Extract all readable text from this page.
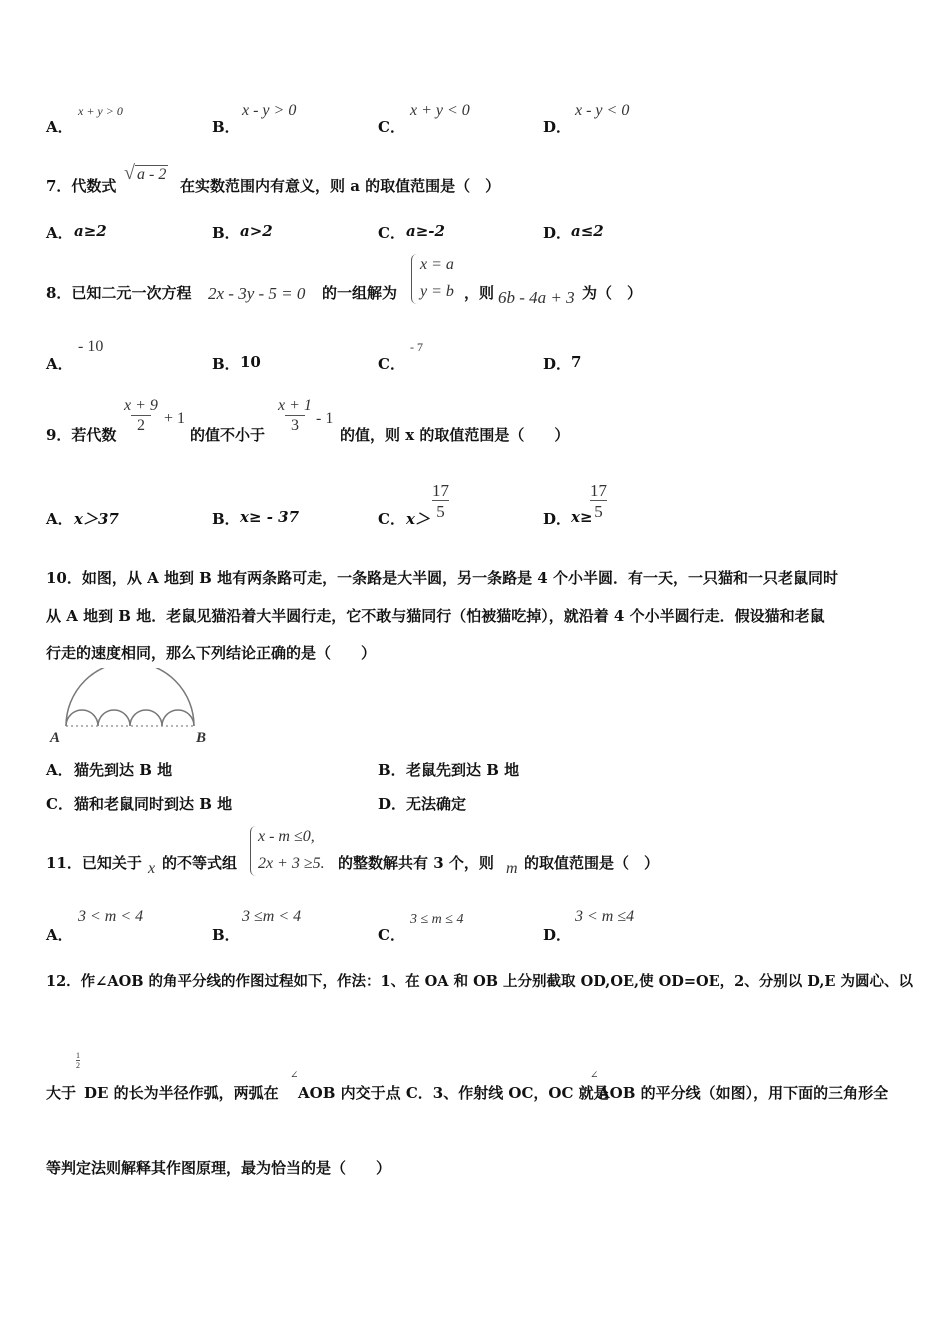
A．
x + y > 0
B．
x - y > 0
C．
x + y < 0
D．
x - y < 0
7．代数式
√ a - 2
在实数范围内有意义，则 a 的取值范围是（　）
A． a≥2	B． a>2	C． a≥-2	D． a≤2
8．已知二元一次方程 2x - 3y - 5 = 0 的一组解为
x = a
y = b ，则 6b - 4a + 3 为（　）
A．
- 10
B． 10	C．
- 7
D． 7
9．若代数
$\frac{x + 9}{2} + 1$
的值不小于
$\frac{x + 1}{3} - 1$
的值，则 x 的取值范围是（　　）
A． x＞37	B． x≥ - 37	C． $x> \frac{17}{5}$	D． x≥
$\frac{17}{5}$
10．如图，从 A 地到 B 地有两条路可走，一条路是大半圆，另一条路是 4 个小半圆．有一天，一只猫和一只老鼠同时
从 A 地到 B 地．老鼠见猫沿着大半圆行走，它不敢与猫同行（怕被猫吃掉），就沿着 4 个小半圆行走．假设猫和老鼠
行走的速度相同，那么下列结论正确的是（　　）
A	B
A． 猫先到达 B 地	B． 老鼠先到达 B 地
C． 猫和老鼠同时到达 B 地	D． 无法确定
11．已知关于 x 的不等式组
x - m ≤0,
2x + 3 ≥5. 的整数解共有 3 个，则 m 的取值范围是（　）
A．
3 < m < 4
B．
3 ≤m < 4
C．
3 ≤ m ≤ 4
D．
3 < m ≤4
12．作∠AOB 的角平分线的作图过程如下，作法：1、在 OA 和 OB 上分别截取 OD,OE,使 OD=OE，2、分别以 D,E 为圆心、以
$\frac{1}{2}$
大于 DE 的长为半径作弧，两弧在
∠
AOB 内交于点 C．3、作射线 OC，OC 就是
∠
AOB 的平分线（如图），用下面的三角形全
等判定法则解释其作图原理，最为恰当的是（　　）
